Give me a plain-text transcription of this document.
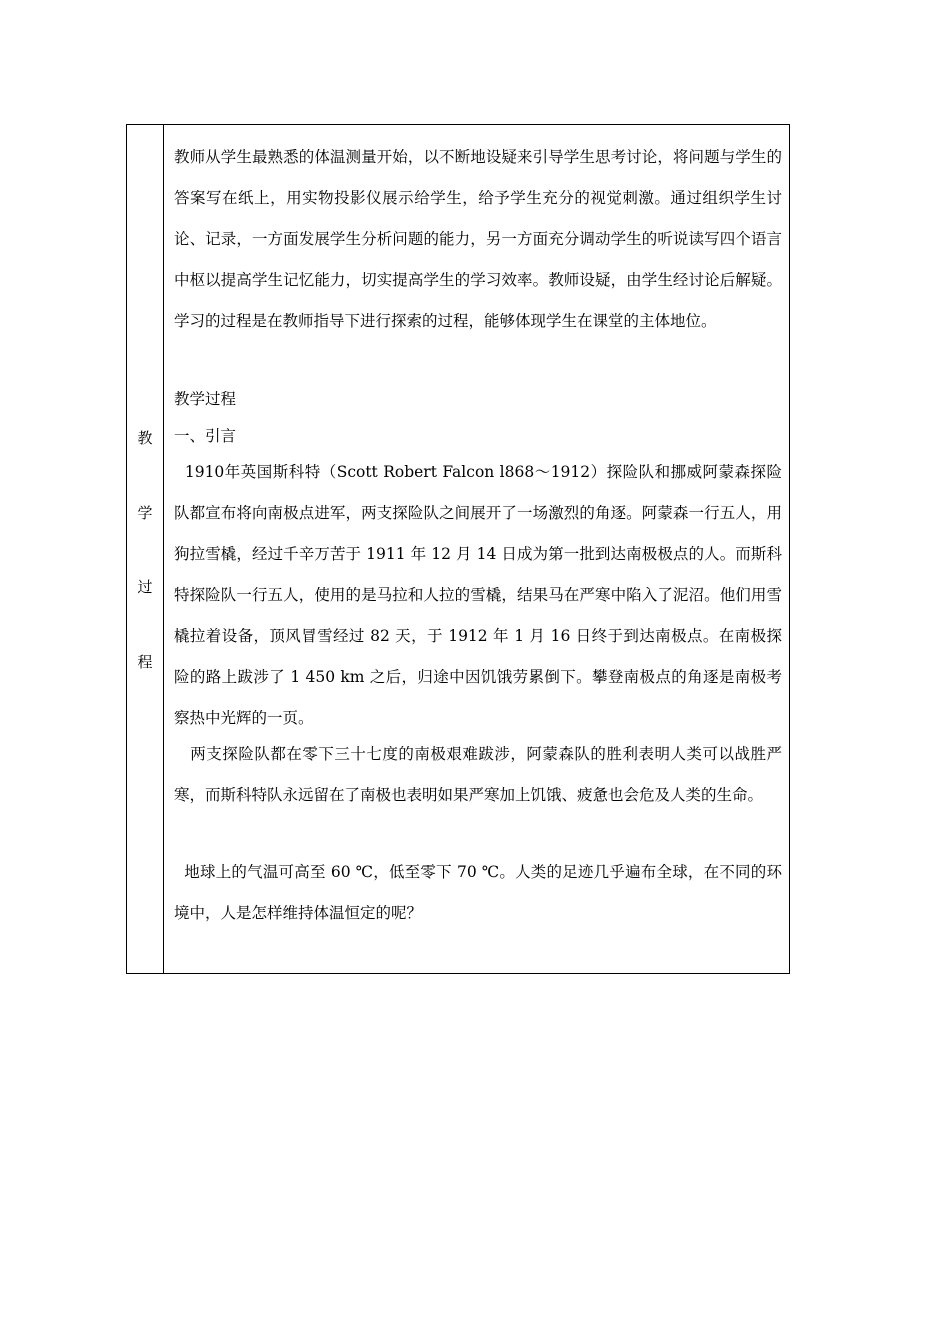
教
学
过
程

教师从学生最熟悉的体温测量开始，以不断地设疑来引导学生思考讨论，将问题与学生的答案写在纸上，用实物投影仪展示给学生，给予学生充分的视觉刺激。通过组织学生讨论、记录，一方面发展学生分析问题的能力，另一方面充分调动学生的听说读写四个语言中枢以提高学生记忆能力，切实提高学生的学习效率。教师设疑，由学生经讨论后解疑。学习的过程是在教师指导下进行探索的过程，能够体现学生在课堂的主体地位。

教学过程

一、引言

1910年英国斯科特（Scott Robert Falcon l868～1912）探险队和挪威阿蒙森探险队都宣布将向南极点进军，两支探险队之间展开了一场激烈的角逐。阿蒙森一行五人，用狗拉雪橇，经过千辛万苦于 1911 年 12 月 14 日成为第一批到达南极极点的人。而斯科特探险队一行五人，使用的是马拉和人拉的雪橇，结果马在严寒中陷入了泥沼。他们用雪橇拉着设备，顶风冒雪经过 82 天，于 1912 年 1 月 16 日终于到达南极点。在南极探险的路上跋涉了 1 450 km 之后，归途中因饥饿劳累倒下。攀登南极点的角逐是南极考察热中光辉的一页。

两支探险队都在零下三十七度的南极艰难跋涉，阿蒙森队的胜利表明人类可以战胜严寒，而斯科特队永远留在了南极也表明如果严寒加上饥饿、疲惫也会危及人类的生命。

地球上的气温可高至 60 ℃，低至零下 70 ℃。人类的足迹几乎遍布全球，在不同的环境中，人是怎样维持体温恒定的呢？
